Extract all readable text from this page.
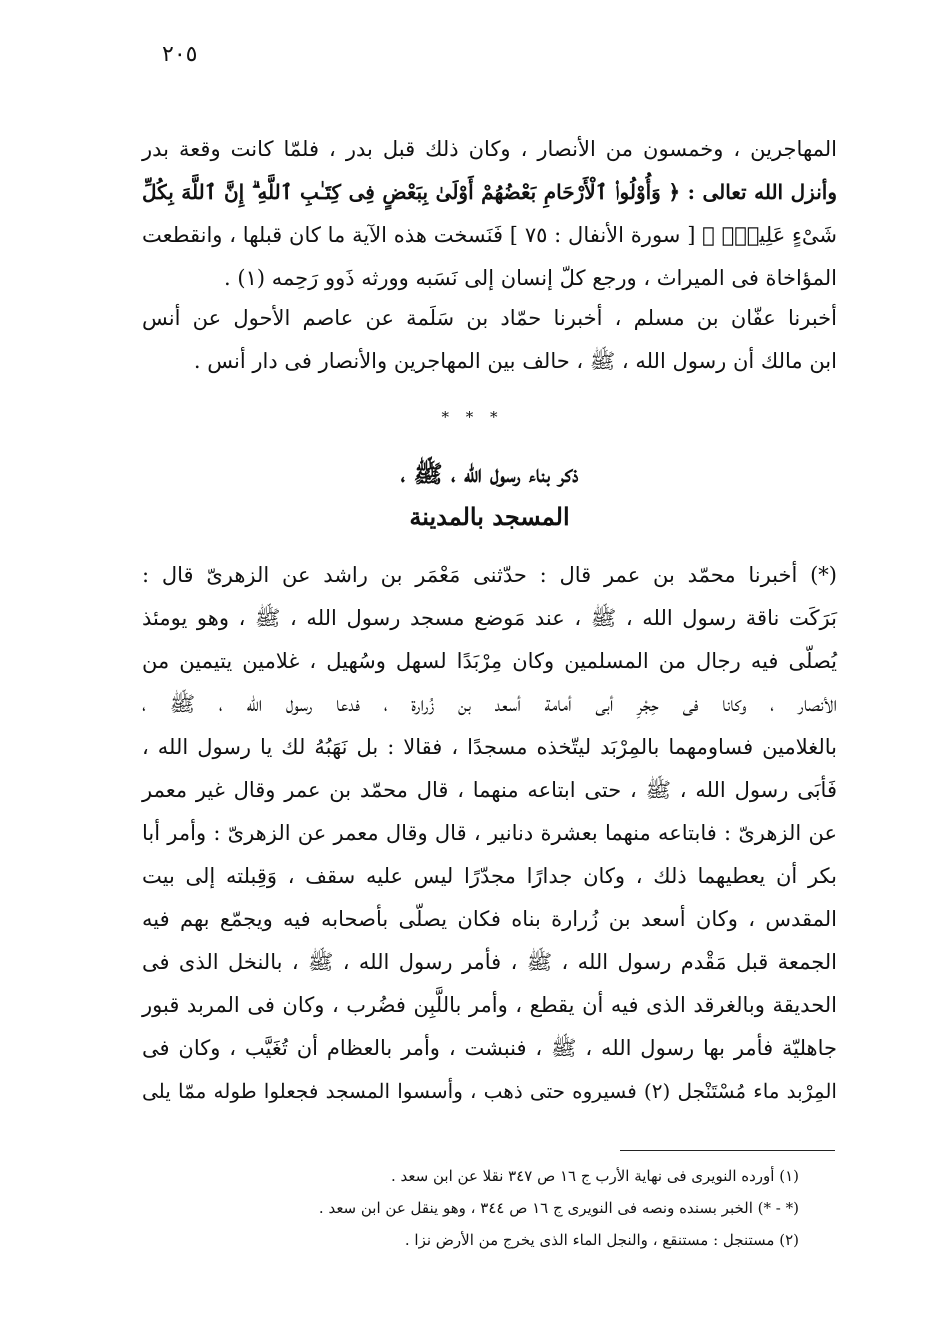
٢٠٥
المهاجرين ، وخمسون من الأنصار ، وكان ذلك قبل بدر ، فلمّا كانت وقعة بدر
وأنزل الله تعالى : ﴿ وَأُوْلُوا۟ ٱلْأَرْحَامِ بَعْضُهُمْ أَوْلَىٰ بِبَعْضٍ فِى كِتَـٰبِ ٱللَّهِ ۗ إِنَّ ٱللَّهَ بِكُلِّ
شَىْءٍ عَلِيمٌۢ ﴾ [ سورة الأنفال : ٧٥ ] فَنَسخت هذه الآية ما كان قبلها ، وانقطعت
المؤاخاة فى الميراث ، ورجع كلّ إنسان إلى نَسَبه وورثه ذَوو رَحِمه (١) .
أخبرنا عفّان بن مسلم ، أخبرنا حمّاد بن سَلَمة عن عاصم الأحول عن أنس
ابن مالك أن رسول الله ، ﷺ ، حالف بين المهاجرين والأنصار فى دار أنس .
* * *
ذكر بناء رسول الله ، ﷺ ،
المسجد بالمدينة
(*) أخبرنا محمّد بن عمر قال : حدّثنى مَعْمَر بن راشد عن الزهرىّ قال :
بَرَكَت ناقة رسول الله ، ﷺ ، عند مَوضع مسجد رسول الله ، ﷺ ، وهو يومئذ
يُصلّى فيه رجال من المسلمين وكان مِرْبَدًا لسهل وسُهيل ، غلامين يتيمين من
الأنصار ، وكانا فى حِجْرِ أبى أمامة أسعد بن زُرارة ، فدعا رسول الله ، ﷺ ،
بالغلامين فساومهما بالمِرْبَد ليتّخذه مسجدًا ، فقالا : بل نَهَبُهُ لك يا رسول الله ،
فَأبَى رسول الله ، ﷺ ، حتى ابتاعه منهما ، قال محمّد بن عمر وقال غير معمر
عن الزهرىّ : فابتاعه منهما بعشرة دنانير ، قال وقال معمر عن الزهرىّ : وأمر أبا
بكر أن يعطيهما ذلك ، وكان جدارًا مجدّرًا ليس عليه سقف ، وَقِبلته إلى بيت
المقدس ، وكان أسعد بن زُرارة بناه فكان يصلّى بأصحابه فيه ويجمّع بهم فيه
الجمعة قبل مَقْدم رسول الله ، ﷺ ، فأمر رسول الله ، ﷺ ، بالنخل الذى فى
الحديقة وبالغرقد الذى فيه أن يقطع ، وأمر باللَّبِن فضُرب ، وكان فى المربد قبور
جاهليّة فأمر بها رسول الله ، ﷺ ، فنبشت ، وأمر بالعظام أن تُغَيَّب ، وكان فى
المِرْبد ماء مُسْتَنْجل (٢) فسيروه حتى ذهب ، وأسسوا المسجد فجعلوا طوله ممّا يلى
(١) أورده النويرى فى نهاية الأرب ج ١٦ ص ٣٤٧ نقلا عن ابن سعد .
(* - *) الخبر بسنده ونصه فى النويرى ج ١٦ ص ٣٤٤ ، وهو ينقل عن ابن سعد .
(٢) مستنجل : مستنقع ، والنجل الماء الذى يخرج من الأرض نزا .
